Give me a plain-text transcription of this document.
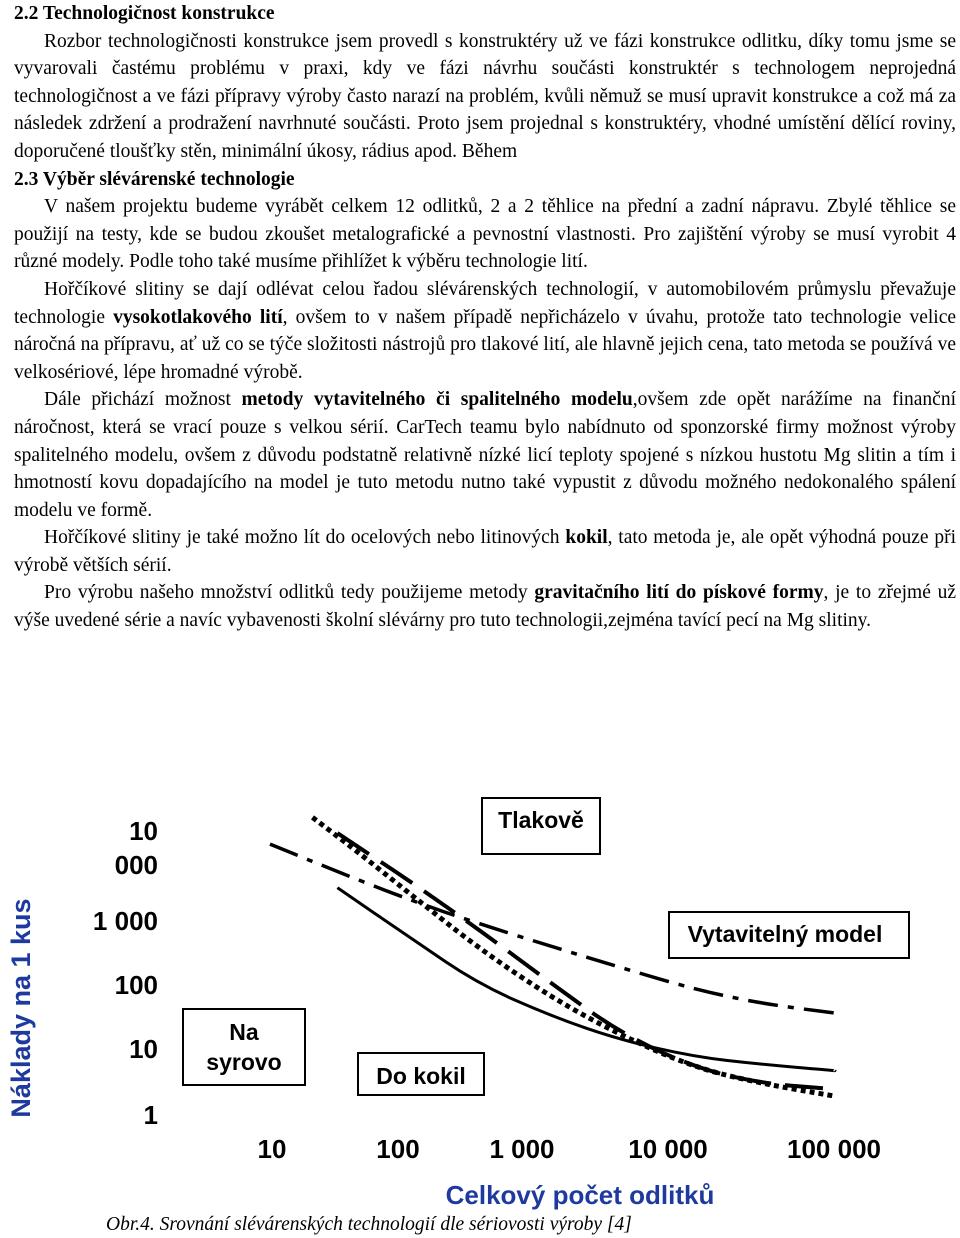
2.2 Technologičnost konstrukce

Rozbor technologičnosti konstrukce jsem provedl s konstruktéry už ve fázi konstrukce odlitku, díky tomu jsme se vyvarovali častému problému v praxi, kdy ve fázi návrhu součásti konstruktér s technologem neprojedná technologičnost a ve fázi přípravy výroby často narazí na problém, kvůli němuž se musí upravit konstrukce a což má za následek zdržení a prodražení navrhnuté součásti. Proto jsem projednal s konstruktéry, vhodné umístění dělící roviny, doporučené tloušťky stěn, minimální úkosy, rádius apod. Během

2.3 Výběr slévárenské technologie

V našem projektu budeme vyrábět celkem 12 odlitků, 2 a 2 těhlice na přední a zadní nápravu. Zbylé těhlice se použijí na testy, kde se budou zkoušet metalografické a pevnostní vlastnosti. Pro zajištění výroby se musí vyrobit 4 různé modely. Podle toho také musíme přihlížet k výběru technologie lití.

Hořčíkové slitiny se dají odlévat celou řadou slévárenských technologií, v automobilovém průmyslu převažuje technologie vysokotlakového lití, ovšem to v našem případě nepřicházelo v úvahu, protože tato technologie velice náročná na přípravu, ať už co se týče složitosti nástrojů pro tlakové lití, ale hlavně jejich cena, tato metoda se používá ve velkosériové, lépe hromadné výrobě.

Dále přichází možnost metody vytavitelného či spalitelného modelu,ovšem zde opět narážíme na finanční náročnost, která se vrací pouze s velkou sérií. CarTech teamu bylo nabídnuto od sponzorské firmy možnost výroby spalitelného modelu, ovšem z důvodu podstatně relativně nízké licí teploty spojené s nízkou hustotu Mg slitin a tím i hmotností kovu dopadajícího na model je tuto metodu nutno také vypustit z důvodu možného nedokonalého spálení modelu ve formě.

Hořčíkové slitiny je také možno lít do ocelových nebo litinových kokil, tato metoda je, ale opět výhodná pouze při výrobě větších sérií.

Pro výrobu našeho množství odlitků tedy použijeme metody gravitačního lití do pískové formy, je to zřejmé už výše uvedené série a navíc vybavenosti školní slévárny pro tuto technologii,zejména tavící pecí na Mg slitiny.

Náklady na 1 kus
10
000
1 000
100
10
1
10	100	1 000	10 000	100 000
Tlakově
Vytavitelný model
Na
syrovo
Do kokil
Celkový počet odlitků
Obr.4. Srovnání slévárenských technologií dle sériovosti výroby [4]
